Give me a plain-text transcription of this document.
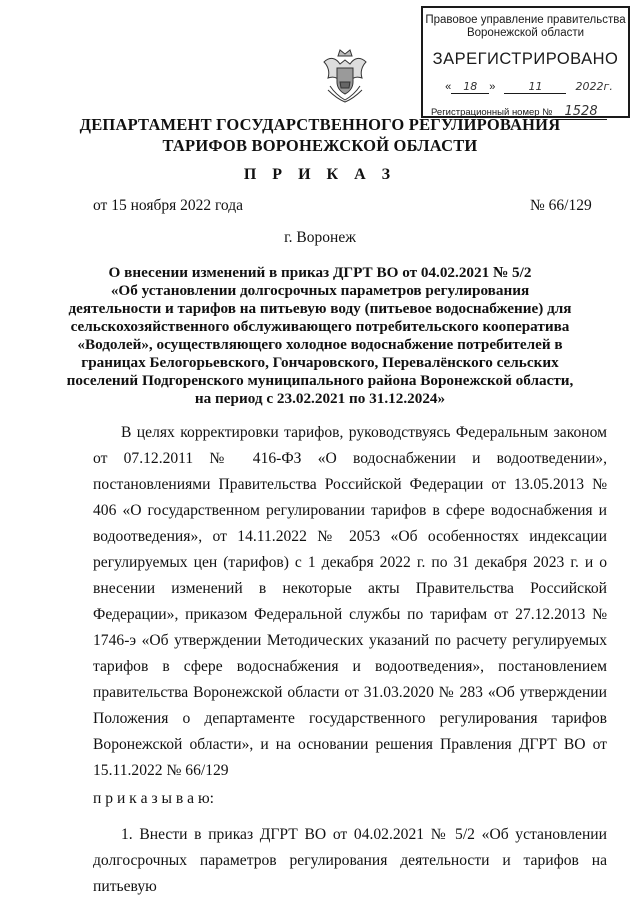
Правовое управление правительства
Воронежской области
ЗАРЕГИСТРИРОВАНО
« 18 »	11	2022г.
Регистрационный номер № 1528
ДЕПАРТАМЕНТ ГОСУДАРСТВЕННОГО РЕГУЛИРОВАНИЯ
ТАРИФОВ ВОРОНЕЖСКОЙ ОБЛАСТИ
П Р И К А З
от 15 ноября 2022 года	№ 66/129
г. Воронеж
О внесении изменений в приказ ДГРТ ВО от 04.02.2021 № 5/2
«Об установлении долгосрочных параметров регулирования
деятельности и тарифов на питьевую воду (питьевое водоснабжение) для
сельскохозяйственного обслуживающего потребительского кооператива
«Водолей», осуществляющего холодное водоснабжение потребителей в
границах Белогорьевского, Гончаровского, Перевалёнского сельских
поселений Подгоренского муниципального района Воронежской области,
на период с 23.02.2021 по 31.12.2024»

В целях корректировки тарифов, руководствуясь Федеральным законом от 07.12.2011 № 416-ФЗ «О водоснабжении и водоотведении», постановлениями Правительства Российской Федерации от 13.05.2013 № 406 «О государственном регулировании тарифов в сфере водоснабжения и водоотведения», от 14.11.2022 № 2053 «Об особенностях индексации регулируемых цен (тарифов) с 1 декабря 2022 г. по 31 декабря 2023 г. и о внесении изменений в некоторые акты Правительства Российской Федерации», приказом Федеральной службы по тарифам от 27.12.2013 № 1746-э «Об утверждении Методических указаний по расчету регулируемых тарифов в сфере водоснабжения и водоотведения», постановлением правительства Воронежской области от 31.03.2020 № 283 «Об утверждении Положения о департаменте государственного регулирования тарифов Воронежской области», и на основании решения Правления ДГРТ ВО от 15.11.2022 № 66/129

п р и к а з ы в а ю:

1. Внести в приказ ДГРТ ВО от 04.02.2021 № 5/2 «Об установлении долгосрочных параметров регулирования деятельности и тарифов на питьевую
